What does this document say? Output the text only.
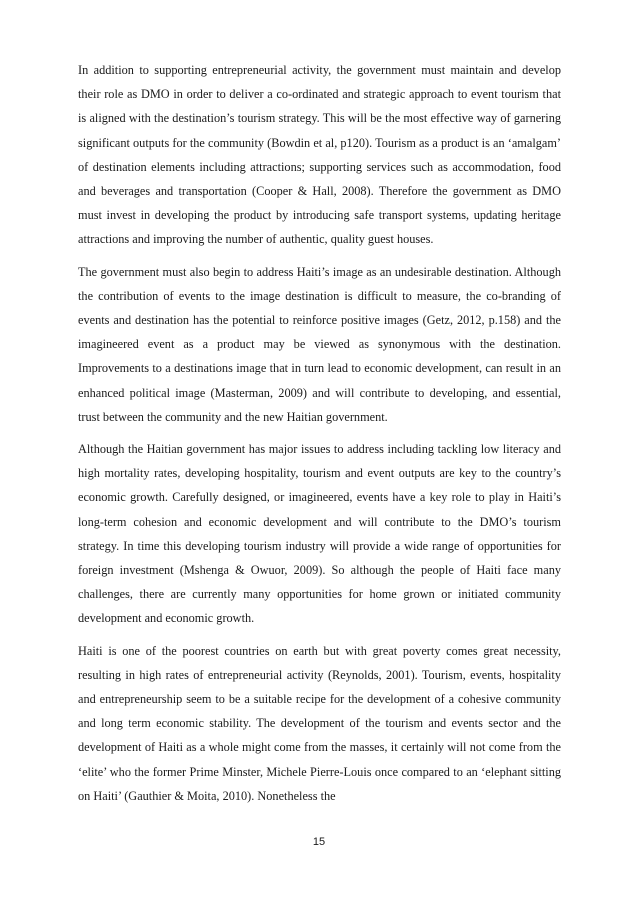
In addition to supporting entrepreneurial activity, the government must maintain and develop their role as DMO in order to deliver a co-ordinated and strategic approach to event tourism that is aligned with the destination’s tourism strategy. This will be the most effective way of garnering significant outputs for the community (Bowdin et al, p120). Tourism as a product is an ‘amalgam’ of destination elements including attractions; supporting services such as accommodation, food and beverages and transportation (Cooper & Hall, 2008). Therefore the government as DMO must invest in developing the product by introducing safe transport systems, updating heritage attractions and improving the number of authentic, quality guest houses.

The government must also begin to address Haiti’s image as an undesirable destination. Although the contribution of events to the image destination is difficult to measure, the co-branding of events and destination has the potential to reinforce positive images (Getz, 2012, p.158) and the imagineered event as a product may be viewed as synonymous with the destination. Improvements to a destinations image that in turn lead to economic development, can result in an enhanced political image (Masterman, 2009) and will contribute to developing, and essential, trust between the community and the new Haitian government.

Although the Haitian government has major issues to address including tackling low literacy and high mortality rates, developing hospitality, tourism and event outputs are key to the country’s economic growth. Carefully designed, or imagineered, events have a key role to play in Haiti’s long-term cohesion and economic development and will contribute to the DMO’s tourism strategy. In time this developing tourism industry will provide a wide range of opportunities for foreign investment (Mshenga & Owuor, 2009). So although the people of Haiti face many challenges, there are currently many opportunities for home grown or initiated community development and economic growth.

Haiti is one of the poorest countries on earth but with great poverty comes great necessity, resulting in high rates of entrepreneurial activity (Reynolds, 2001). Tourism, events, hospitality and entrepreneurship seem to be a suitable recipe for the development of a cohesive community and long term economic stability. The development of the tourism and events sector and the development of Haiti as a whole might come from the masses, it certainly will not come from the ‘elite’ who the former Prime Minster, Michele Pierre-Louis once compared to an ‘elephant sitting on Haiti’ (Gauthier & Moita, 2010). Nonetheless the

15
